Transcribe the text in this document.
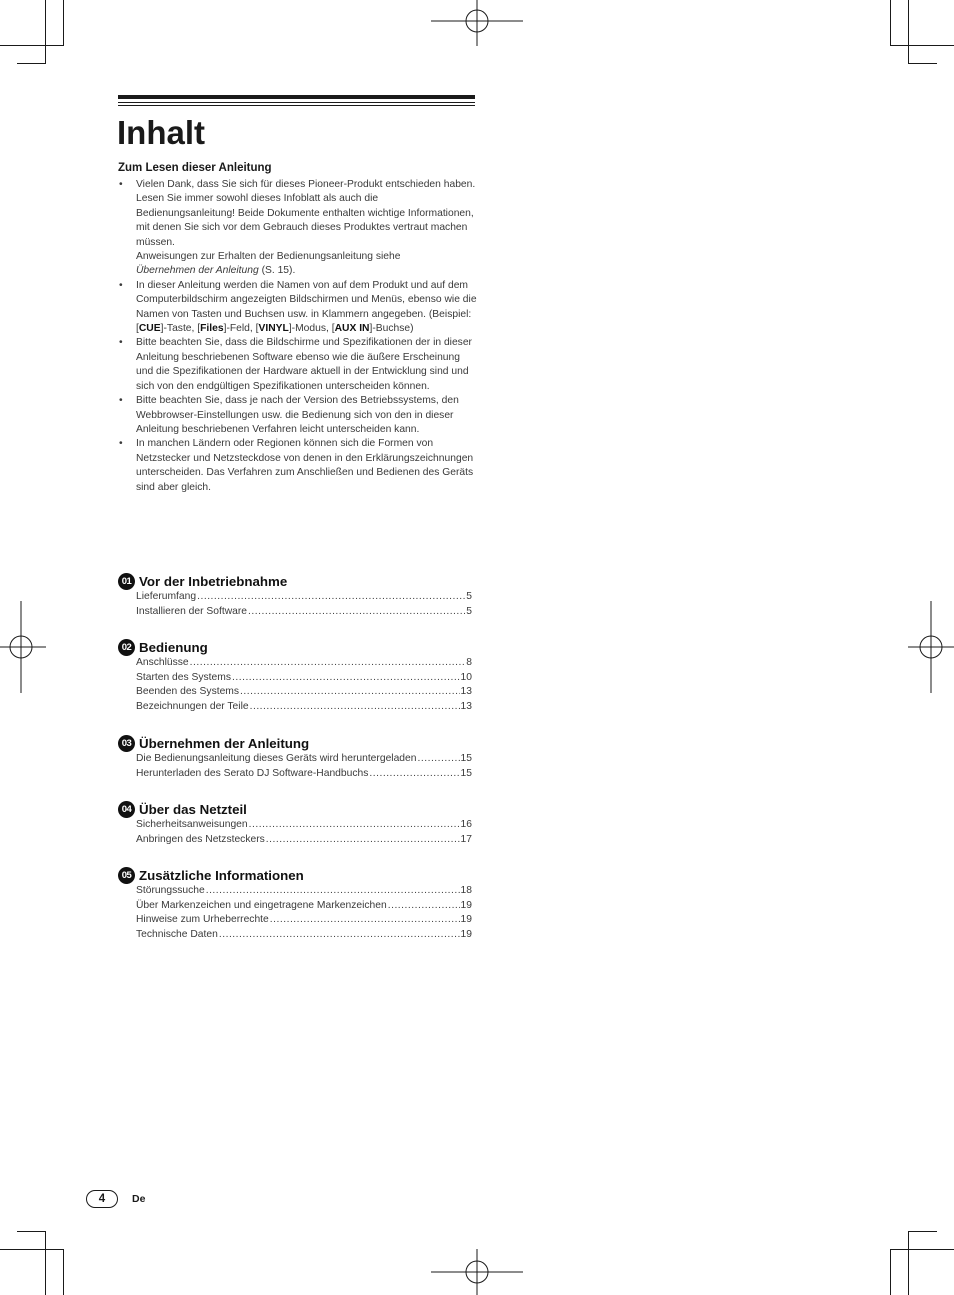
Inhalt
Zum Lesen dieser Anleitung
• Vielen Dank, dass Sie sich für dieses Pioneer-Produkt entschieden haben.

Lesen Sie immer sowohl dieses Infoblatt als auch die Bedienungsanleitung! Beide Dokumente enthalten wichtige Informationen, mit denen Sie sich vor dem Gebrauch dieses Produktes vertraut machen müssen.

Anweisungen zur Erhalten der Bedienungsanleitung siehe

Übernehmen der Anleitung (S. 15).

• In dieser Anleitung werden die Namen von auf dem Produkt und auf dem Computerbildschirm angezeigten Bildschirmen und Menüs, ebenso wie die Namen von Tasten und Buchsen usw. in Klammern angegeben. (Beispiel: [CUE]-Taste, [Files]-Feld, [VINYL]-Modus, [AUX IN]-Buchse)

• Bitte beachten Sie, dass die Bildschirme und Spezifikationen der in dieser Anleitung beschriebenen Software ebenso wie die äußere Erscheinung und die Spezifikationen der Hardware aktuell in der Entwicklung sind und sich von den endgültigen Spezifikationen unterscheiden können.

• Bitte beachten Sie, dass je nach der Version des Betriebssystems, den Webbrowser-Einstellungen usw. die Bedienung sich von den in dieser Anleitung beschriebenen Verfahren leicht unterscheiden kann.

• In manchen Ländern oder Regionen können sich die Formen von Netzstecker und Netzsteckdose von denen in den Erklärungszeichnungen unterscheiden. Das Verfahren zum Anschließen und Bedienen des Geräts sind aber gleich.

01 Vor der Inbetriebnahme
Lieferumfang .....	5
Installieren der Software .....	5
02 Bedienung
Anschlüsse .....	8
Starten des Systems .....	10
Beenden des Systems .....	13
Bezeichnungen der Teile .....	13
03 Übernehmen der Anleitung
Die Bedienungsanleitung dieses Geräts wird heruntergeladen .....	15
Herunterladen des Serato DJ Software-Handbuchs .....	15
04 Über das Netzteil
Sicherheitsanweisungen .....	16
Anbringen des Netzsteckers .....	17
05 Zusätzliche Informationen
Störungssuche .....	18
Über Markenzeichen und eingetragene Markenzeichen .....	19
Hinweise zum Urheberrechte .....	19
Technische Daten .....	19
4	De
